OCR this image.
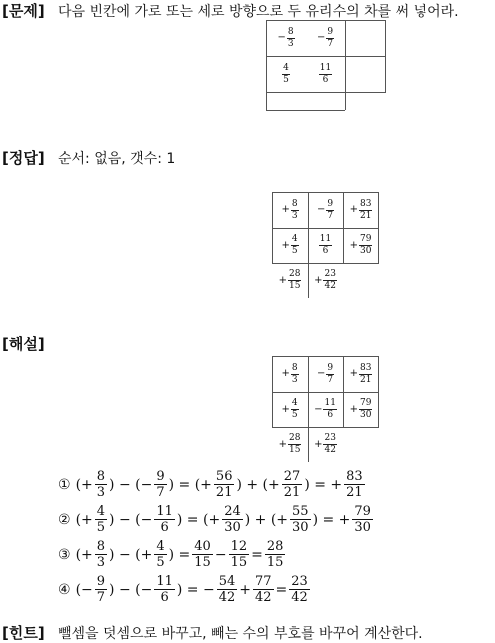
[문제] 다음 빈칸에 가로 또는 세로 방향으로 두 유리수의 차를 써 넣어라.
− $\frac{8}{3} - \frac{9}{7}$
$\frac{4}{5}$	$\frac{11}{6}$
[정답] 순서: 없음, 갯수: 1
+ $\frac{8}{3} - \frac{9}{7} + \frac{83}{21}$
+ $\frac{4}{5} \frac{11}{6} + \frac{79}{30}$
+ $\frac{28}{15} + \frac{23}{42}$
[해설]
+ $\frac{8}{3} - \frac{9}{7} + \frac{83}{21}$
+ $\frac{4}{5} - \frac{11}{6} + \frac{79}{30}$
+ $\frac{28}{15} + \frac{23}{42}$
① (+ $\frac{8}{3}$ ) − (− $\frac{9}{7}$ ) = (+ $\frac{56}{21}$ ) + (+ $\frac{27}{21}$ ) = + $\frac{83}{21}$
② (+ $\frac{4}{5}$ ) − (− $\frac{11}{6}$ ) = (+ $\frac{24}{30}$ ) + (+ $\frac{55}{30}$ ) = + $\frac{79}{30}$
③ (+ $\frac{8}{3}$ ) − (+ $\frac{4}{5}$ ) = $\frac{40}{15} - \frac{12}{15} = \frac{28}{15}$
④ (− $\frac{9}{7}$ ) − (− $\frac{11}{6}$ ) = − $\frac{54}{42} + \frac{77}{42} = \frac{23}{42}$
[힌트] 뺄셈을 덧셈으로 바꾸고, 빼는 수의 부호를 바꾸어 계산한다.
